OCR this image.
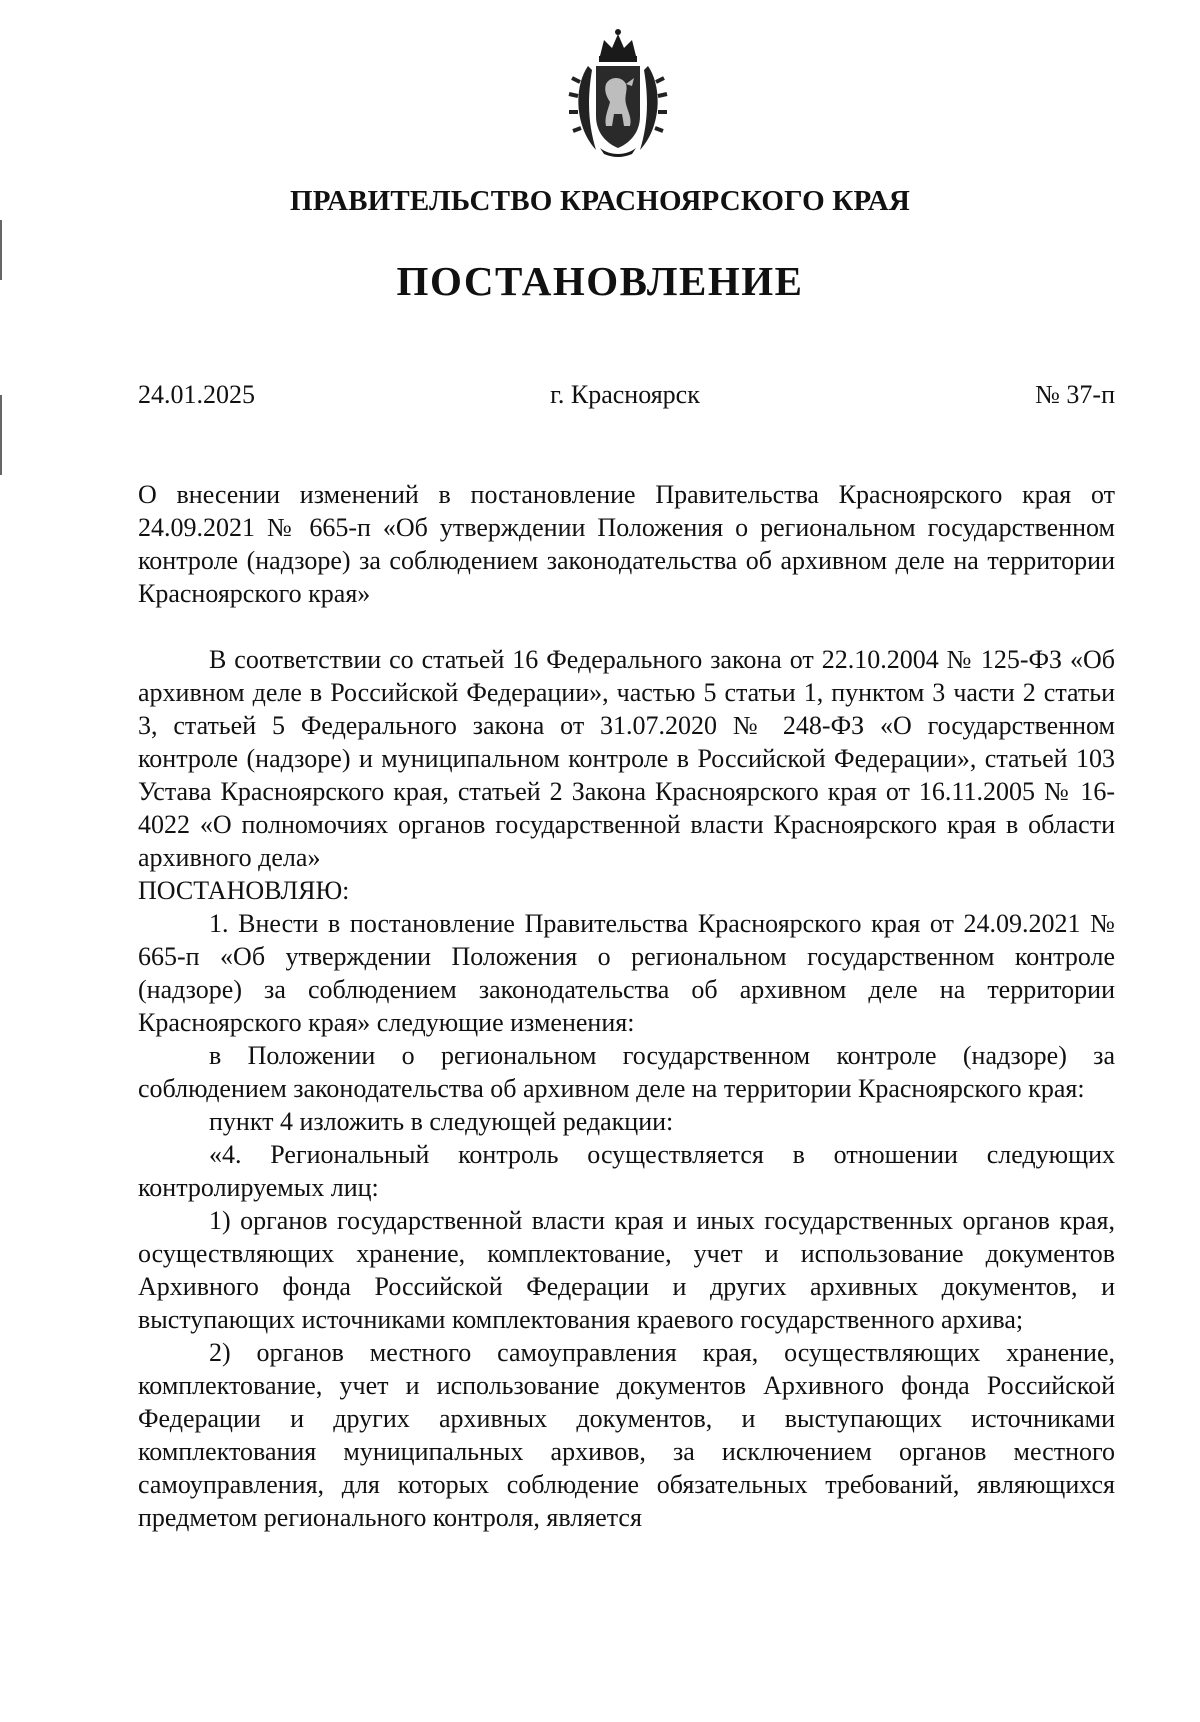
ПРАВИТЕЛЬСТВО КРАСНОЯРСКОГО КРАЯ
ПОСТАНОВЛЕНИЕ
24.01.2025	г. Красноярск	№ 37-п

О внесении изменений в постановление Правительства Красноярского края от 24.09.2021 № 665-п «Об утверждении Положения о региональном государственном контроле (надзоре) за соблюдением законодательства об архивном деле на территории Красноярского края»

В соответствии со статьей 16 Федерального закона от 22.10.2004 № 125-ФЗ «Об архивном деле в Российской Федерации», частью 5 статьи 1, пунктом 3 части 2 статьи 3, статьей 5 Федерального закона от 31.07.2020 № 248-ФЗ «О государственном контроле (надзоре) и муниципальном контроле в Российской Федерации», статьей 103 Устава Красноярского края, статьей 2 Закона Красноярского края от 16.11.2005 № 16-4022 «О полномочиях органов государственной власти Красноярского края в области архивного дела»

ПОСТАНОВЛЯЮ:

1. Внести в постановление Правительства Красноярского края от 24.09.2021 № 665-п «Об утверждении Положения о региональном государственном контроле (надзоре) за соблюдением законодательства об архивном деле на территории Красноярского края» следующие изменения:

в Положении о региональном государственном контроле (надзоре) за соблюдением законодательства об архивном деле на территории Красноярского края:

пункт 4 изложить в следующей редакции:

«4. Региональный контроль осуществляется в отношении следующих контролируемых лиц:

1) органов государственной власти края и иных государственных органов края, осуществляющих хранение, комплектование, учет и использование документов Архивного фонда Российской Федерации и других архивных документов, и выступающих источниками комплектования краевого государственного архива;

2) органов местного самоуправления края, осуществляющих хранение, комплектование, учет и использование документов Архивного фонда Российской Федерации и других архивных документов, и выступающих источниками комплектования муниципальных архивов, за исключением органов местного самоуправления, для которых соблюдение обязательных требований, являющихся предметом регионального контроля, является
